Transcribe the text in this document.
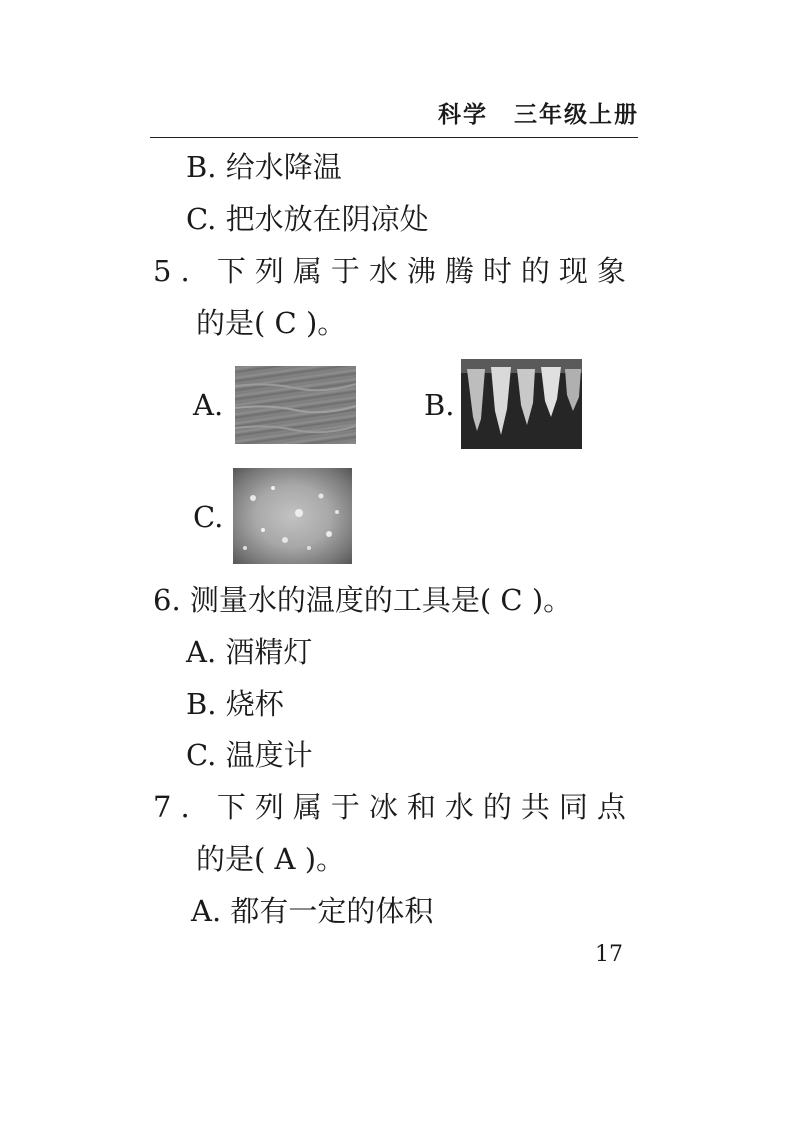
科学 三年级上册
B. 给水降温
C. 把水放在阴凉处
5. 下列属于水沸腾时的现象
的是( C )。
A.	B.
C.
6. 测量水的温度的工具是( C )。
A. 酒精灯
B. 烧杯
C. 温度计
7. 下列属于冰和水的共同点
的是( A )。
A. 都有一定的体积
17
